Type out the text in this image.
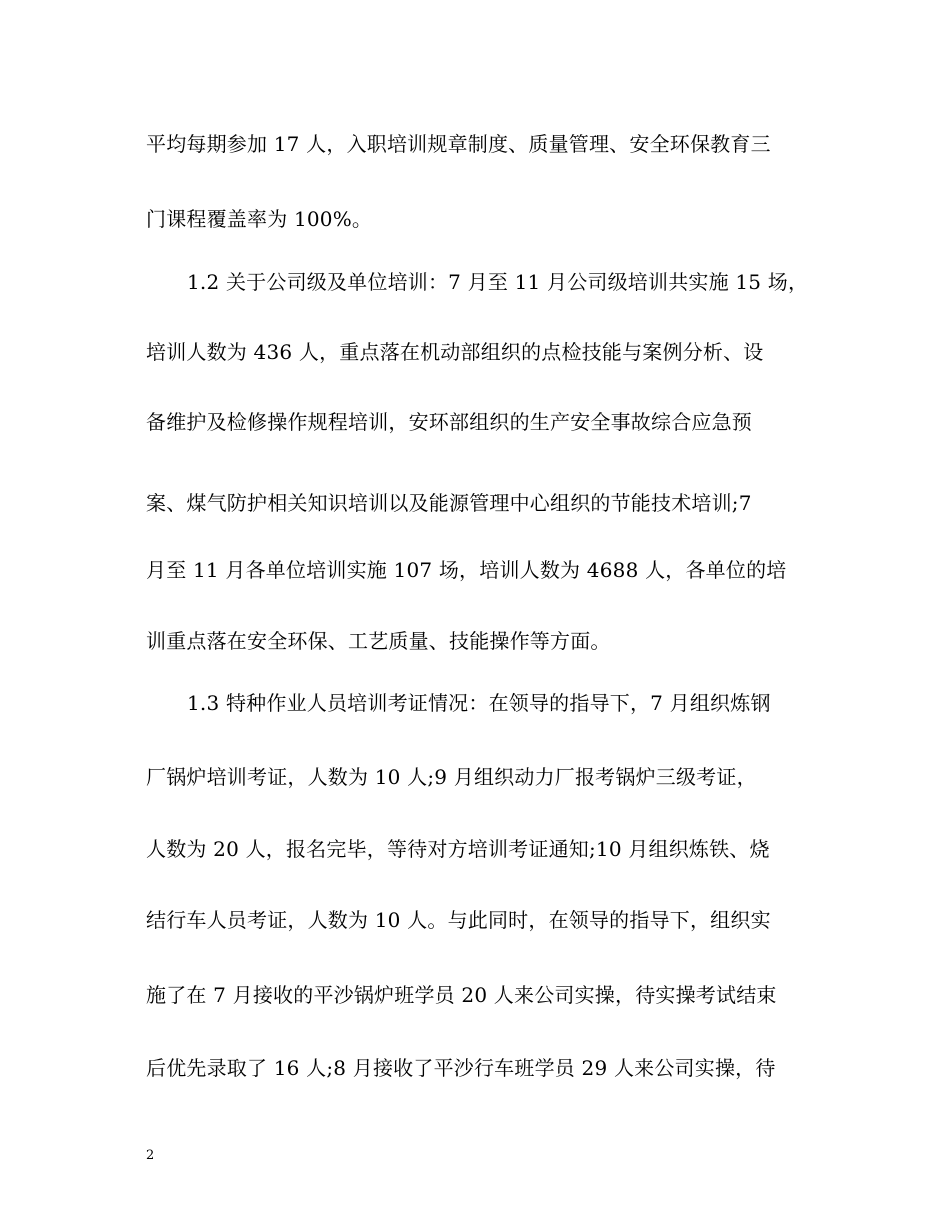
平均每期参加 17 人，入职培训规章制度、质量管理、安全环保教育三
门课程覆盖率为 100%。
1.2 关于公司级及单位培训：7 月至 11 月公司级培训共实施 15 场，
培训人数为 436 人，重点落在机动部组织的点检技能与案例分析、设
备维护及检修操作规程培训，安环部组织的生产安全事故综合应急预
案、煤气防护相关知识培训以及能源管理中心组织的节能技术培训;7
月至 11 月各单位培训实施 107 场，培训人数为 4688 人，各单位的培
训重点落在安全环保、工艺质量、技能操作等方面。
1.3 特种作业人员培训考证情况：在领导的指导下，7 月组织炼钢
厂锅炉培训考证，人数为 10 人;9 月组织动力厂报考锅炉三级考证，
人数为 20 人，报名完毕，等待对方培训考证通知;10 月组织炼铁、烧
结行车人员考证，人数为 10 人。与此同时，在领导的指导下，组织实
施了在 7 月接收的平沙锅炉班学员 20 人来公司实操，待实操考试结束
后优先录取了 16 人;8 月接收了平沙行车班学员 29 人来公司实操，待
2
